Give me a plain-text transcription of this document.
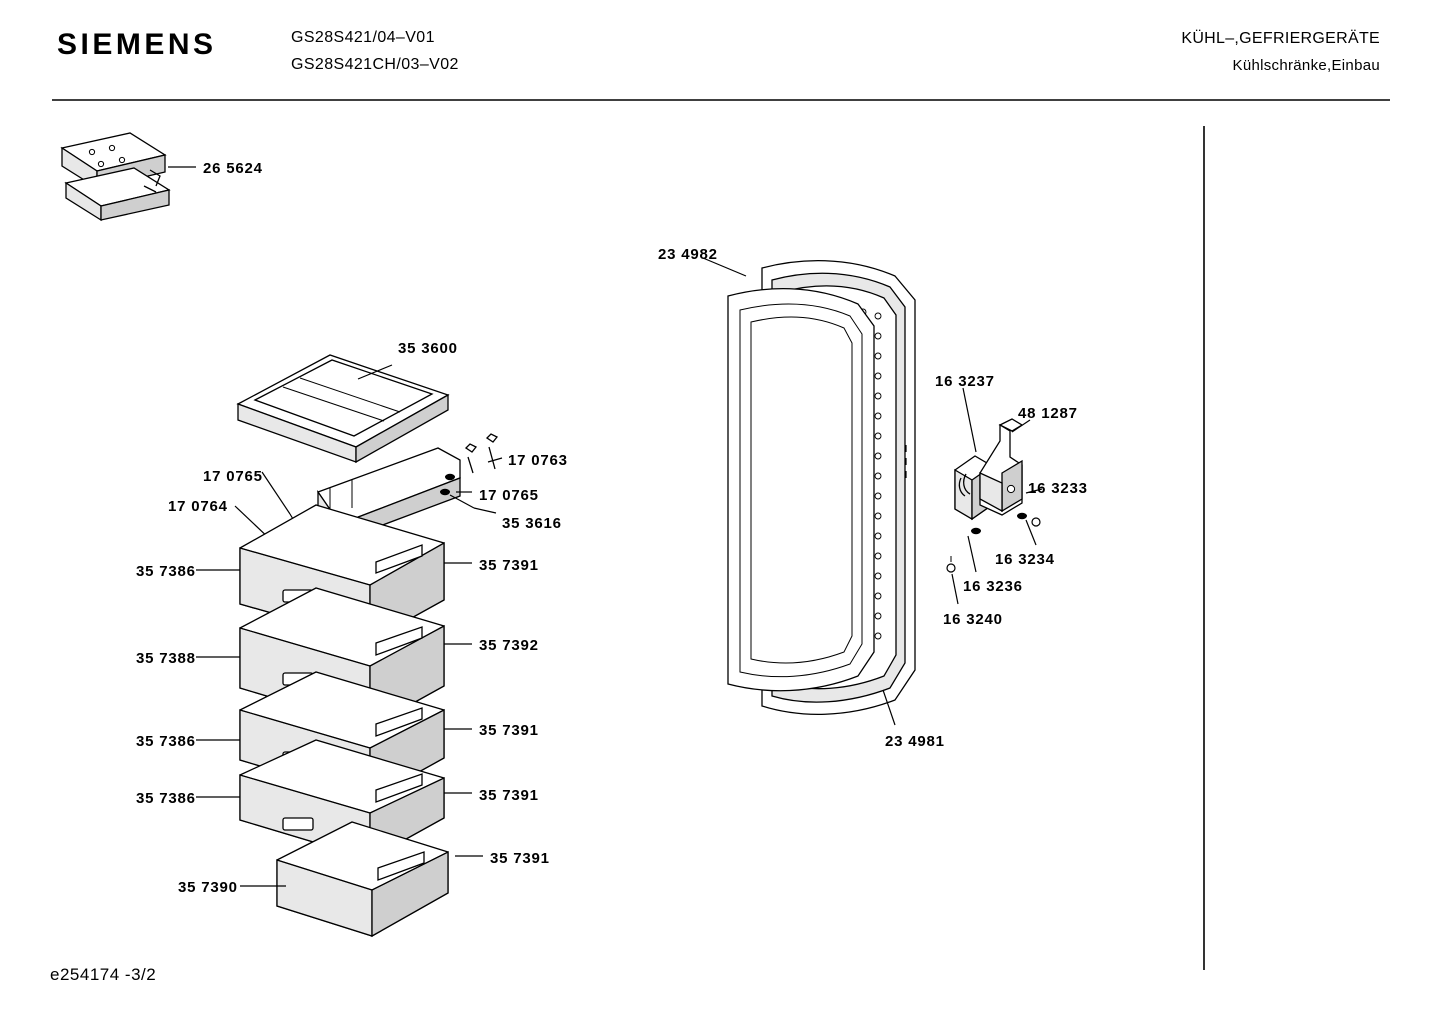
SIEMENS	GS28S421/04–V01
GS28S421CH/03–V02
KÜHL–,GEFRIERGERÄTE
Kühlschränke,Einbau
e254174 -3/2
26 5624
35 3600
17 0765
17 0764
17 0763
17 0765
35 3616
35 7386	35 7391
35 7388
35 7392
35 7386
35 7391
35 7386	35 7391
35 7391
35 7390
23 4982
23 4981
16 3237
48 1287
16 3233
16 3234
16 3236
16 3240
